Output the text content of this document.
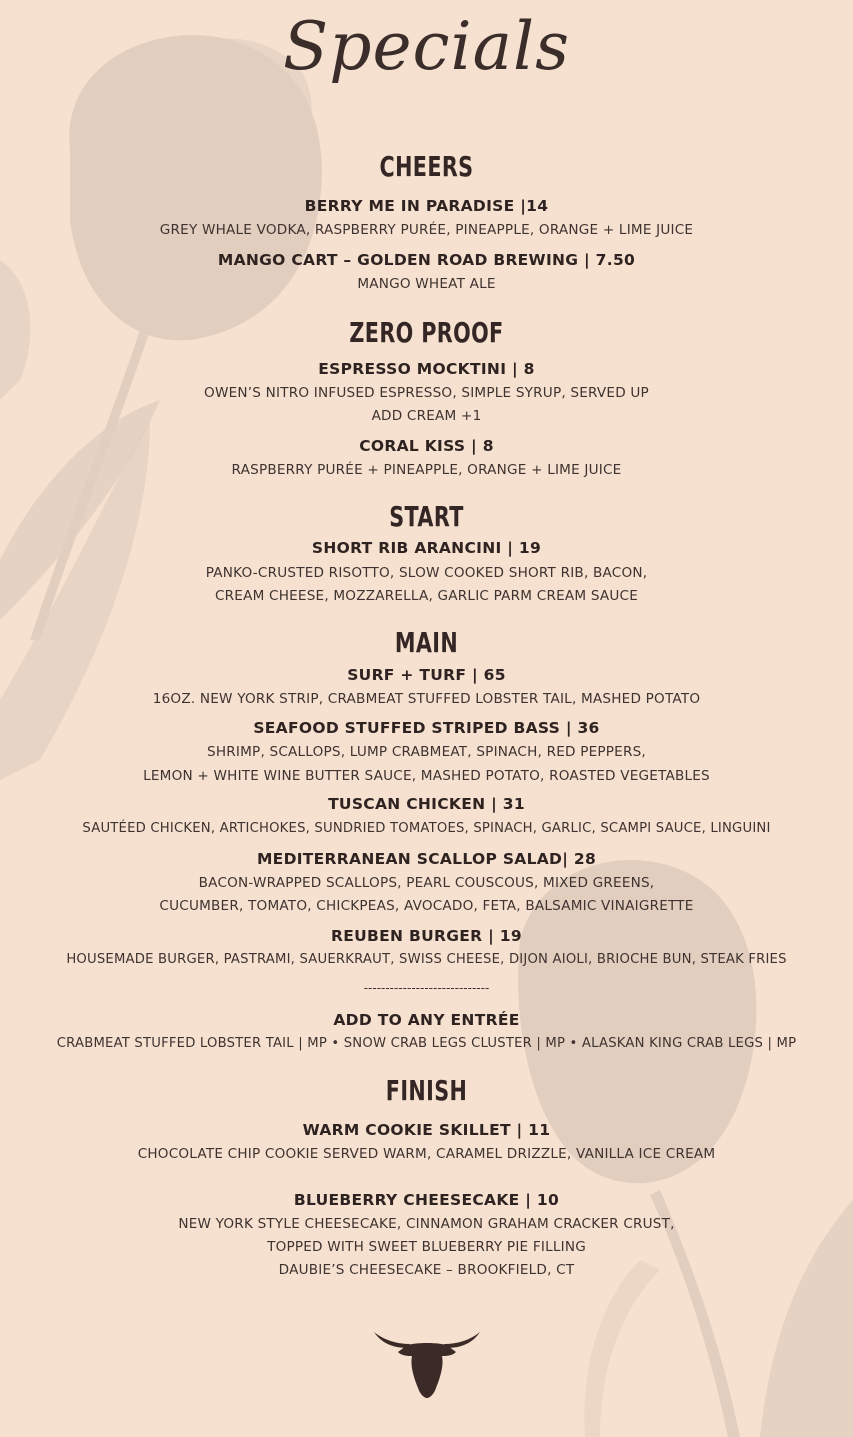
Specials
CHEERS
BERRY ME IN PARADISE |14
GREY WHALE VODKA, RASPBERRY PURÉE, PINEAPPLE, ORANGE + LIME JUICE
MANGO CART – GOLDEN ROAD BREWING | 7.50
MANGO WHEAT ALE
ZERO PROOF
ESPRESSO MOCKTINI | 8
OWEN’S NITRO INFUSED ESPRESSO, SIMPLE SYRUP, SERVED UP
ADD CREAM +1
CORAL KISS | 8
RASPBERRY PURÉE + PINEAPPLE, ORANGE + LIME JUICE
START
SHORT RIB ARANCINI | 19
PANKO-CRUSTED RISOTTO, SLOW COOKED SHORT RIB, BACON,
CREAM CHEESE, MOZZARELLA, GARLIC PARM CREAM SAUCE
MAIN
SURF + TURF | 65
16OZ. NEW YORK STRIP, CRABMEAT STUFFED LOBSTER TAIL, MASHED POTATO
SEAFOOD STUFFED STRIPED BASS | 36
SHRIMP, SCALLOPS, LUMP CRABMEAT, SPINACH, RED PEPPERS,
LEMON + WHITE WINE BUTTER SAUCE, MASHED POTATO, ROASTED VEGETABLES
TUSCAN CHICKEN | 31
SAUTÉED CHICKEN, ARTICHOKES, SUNDRIED TOMATOES, SPINACH, GARLIC, SCAMPI SAUCE, LINGUINI
MEDITERRANEAN SCALLOP SALAD| 28
BACON-WRAPPED SCALLOPS, PEARL COUSCOUS, MIXED GREENS,
CUCUMBER, TOMATO, CHICKPEAS, AVOCADO, FETA, BALSAMIC VINAIGRETTE
REUBEN BURGER | 19
HOUSEMADE BURGER, PASTRAMI, SAUERKRAUT, SWISS CHEESE, DIJON AIOLI, BRIOCHE BUN, STEAK FRIES
-----------------------------
ADD TO ANY ENTRÉE
CRABMEAT STUFFED LOBSTER TAIL | MP • SNOW CRAB LEGS CLUSTER | MP • ALASKAN KING CRAB LEGS | MP
FINISH
WARM COOKIE SKILLET | 11
CHOCOLATE CHIP COOKIE SERVED WARM, CARAMEL DRIZZLE, VANILLA ICE CREAM
BLUEBERRY CHEESECAKE | 10
NEW YORK STYLE CHEESECAKE, CINNAMON GRAHAM CRACKER CRUST,
TOPPED WITH SWEET BLUEBERRY PIE FILLING
DAUBIE’S CHEESECAKE – BROOKFIELD, CT
